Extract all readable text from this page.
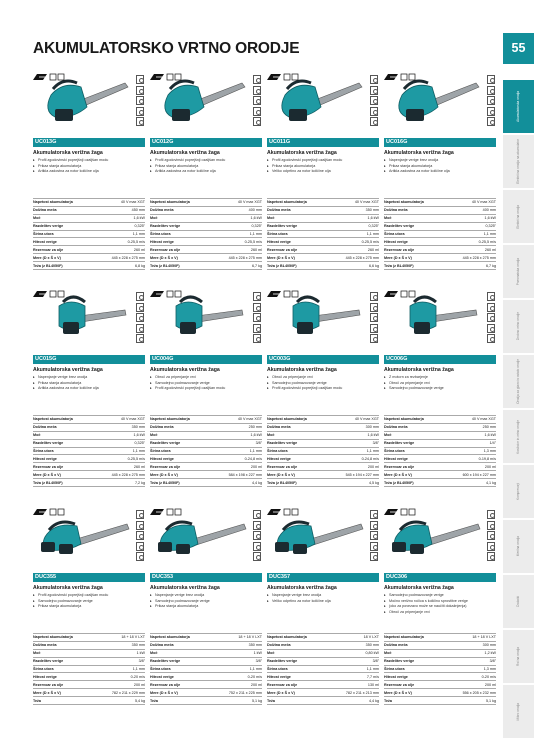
AKUMULATORSKO VRTNO ORODJE	55
Akumulatorska orodja
Električna orodja na akumulator
Električna orodja
Pnevmatska orodja
Drobno vrtno orodje
Orodja za glavo in ostalo orodje
Kosilnice in vrtno orodje
Kompresorji
Merilna orodja
Dodatki
Ročna orodja
Mikro orodja
UC013G
Akumulatorska verižna žaga
▸ Profil zgodovinski poprejšnji ozaljšan modu
▸ Prikaz stanja akumulatorja
▸ Artikla zadostna za notor količine olja
Napetost akumulatorja	40 V max XGT
Dolžina meča	450 mm
Moč	1,6 kW
Razdelitev verige	0,325"
Širina utora	1,1 mm
Hitrost verige	0-25,5 m/s
Rezervoar za olje	260 ml
Mere (D x Š x V)	445 x 228 x 275 mm
Teža (z BL4050F)	6,8 kg
UC012G
Akumulatorska verižna žaga
▸ Profil zgodovinski poprejšnji ozaljšan modu
▸ Prikaz stanja akumulatorja
▸ Artikla zadostna za notor količine olja
Napetost akumulatorja	40 V max XGT
Dolžina meča	400 mm
Moč	1,6 kW
Razdelitev verige	0,325"
Širina utora	1,1 mm
Hitrost verige	0-25,5 m/s
Rezervoar za olje	260 ml
Mere (D x Š x V)	445 x 228 x 275 mm
Teža (z BL4050F)	6,7 kg
UC011G
Akumulatorska verižna žaga
▸ Profil zgodovinski poprejšnji ozaljšan modu
▸ Prikaz stanja akumulatorja
▸ Veliko odprtino za notor količine olja
Napetost akumulatorja	40 V max XGT
Dolžina meča	350 mm
Moč	1,6 kW
Razdelitev verige	0,325"
Širina utora	1,1 mm
Hitrost verige	0-25,5 m/s
Rezervoar za olje	260 ml
Mere (D x Š x V)	445 x 228 x 275 mm
Teža (z BL4050F)	6,6 kg
UC016G
Akumulatorska verižna žaga
▸ Napenjanje verige brez orodja
▸ Prikaz stanja akumulatorja
▸ Artikla zadostna za notor količine olja
Napetost akumulatorja	40 V max XGT
Dolžina meča	400 mm
Moč	1,6 kW
Razdelitev verige	0,325"
Širina utora	1,1 mm
Hitrost verige	0-25,5 m/s
Rezervoar za olje	260 ml
Mere (D x Š x V)	445 x 228 x 275 mm
Teža (z BL4050F)	6,7 kg
UC015G
Akumulatorska verižna žaga
▸ Napenjanje verige brez orodja
▸ Prikaz stanja akumulatorja
▸ Artikla zadostna za notor količine olja
Napetost akumulatorja	40 V max XGT
Dolžina meča	350 mm
Moč	1,6 kW
Razdelitev verige	0,325"
Širina utora	1,1 mm
Hitrost verige	0-25,5 m/s
Rezervoar za olje	260 ml
Mere (D x Š x V)	445 x 228 x 275 mm
Teža (z BL4050F)	7,2 kg
UC004G
Akumulatorska verižna žaga
▸ Obroč za pripenjanje vrvi
▸ Samodejno podmazovanje verige
▸ Profil zgodovinski poprejšnji ozaljšan modu
Napetost akumulatorja	40 V max XGT
Dolžina meča	250 mm
Moč	1,6 kW
Razdelitev verige	3/8"
Širina utora	1,1 mm
Hitrost verige	0-24,8 m/s
Rezervoar za olje	200 ml
Mere (D x Š x V)	584 x 198 x 227 mm
Teža (z BL4050F)	4,4 kg
UC003G
Akumulatorska verižna žaga
▸ Obroč za pripenjanje vrvi
▸ Samodejno podmazovanje verige
▸ Profil zgodovinski poprejšnji ozaljšan modu
Napetost akumulatorja	40 V max XGT
Dolžina meča	300 mm
Moč	1,6 kW
Razdelitev verige	3/8"
Širina utora	1,1 mm
Hitrost verige	0-24,8 m/s
Rezervoar za olje	200 ml
Mere (D x Š x V)	545 x 194 x 227 mm
Teža (z BL4050F)	4,5 kg
UC006G
Akumulatorska verižna žaga
▸ Z motorn za rezbarjenje
▸ Obroč za pripenjanje vrvi
▸ Samodejno podmazovanje verige
Napetost akumulatorja	40 V max XGT
Dolžina meča	250 mm
Moč	1,6 kW
Razdelitev verige	1/4"
Širina utora	1,3 mm
Hitrost verige	0-19,8 m/s
Rezervoar za olje	200 ml
Mere (D x Š x V)	600 x 194 x 227 mm
Teža (z BL4050F)	4,1 kg
DUC355
Akumulatorska verižna žaga
▸ Profil zgodovinski poprejšnji ozaljšan modu
▸ Samodejno podmazovanje verige
▸ Prikaz stanja akumulatorja
Napetost akumulatorja	18 + 18 V LXT
Dolžina meča	350 mm
Moč	1 kW
Razdelitev verige	3/8"
Širina utora	1,1 mm
Hitrost verige	0-20 m/s
Rezervoar za olje	200 ml
Mere (D x Š x V)	782 x 211 x 229 mm
Teža	5,4 kg
DUC353
Akumulatorska verižna žaga
▸ Napenjanje verige brez orodja
▸ Samodejno podmazovanje verige
▸ Prikaz stanja akumulatorja
Napetost akumulatorja	18 + 18 V LXT
Dolžina meča	350 mm
Moč	1 kW
Razdelitev verige	3/8"
Širina utora	1,1 mm
Hitrost verige	0-20 m/s
Rezervoar za olje	200 ml
Mere (D x Š x V)	752 x 211 x 225 mm
Teža	5,1 kg
DUC357
Akumulatorska verižna žaga
▸ Napenjanje verige brez orodja
▸ Veliko odprtino za notor količine olja
Napetost akumulatorja	18 V LXT
Dolžina meča	350 mm
Moč	0,80 kW
Razdelitev verige	3/8"
Širina utora	1,1 mm
Hitrost verige	7,7 m/s
Rezervoar za olje	130 ml
Mere (D x Š x V)	782 x 211 x 213 mm
Teža	4,4 kg
DUC306
Akumulatorska verižna žaga
▸ Samodejno podmazovanje verige
▸ Močno verižno ročica s količino sprostitve verige
▸ (oko za povezavo može se naučiti dokažnjenja)
▸ Obroč za pripenjanje vrvi
Napetost akumulatorja	18 + 18 V LXT
Dolžina meča	300 mm
Moč	1,2 kW
Razdelitev verige	3/8"
Širina utora	1,3 mm
Hitrost verige	0-20 m/s
Rezervoar za olje	200 ml
Mere (D x Š x V)	556 x 205 x 232 mm
Teža	5,1 kg
